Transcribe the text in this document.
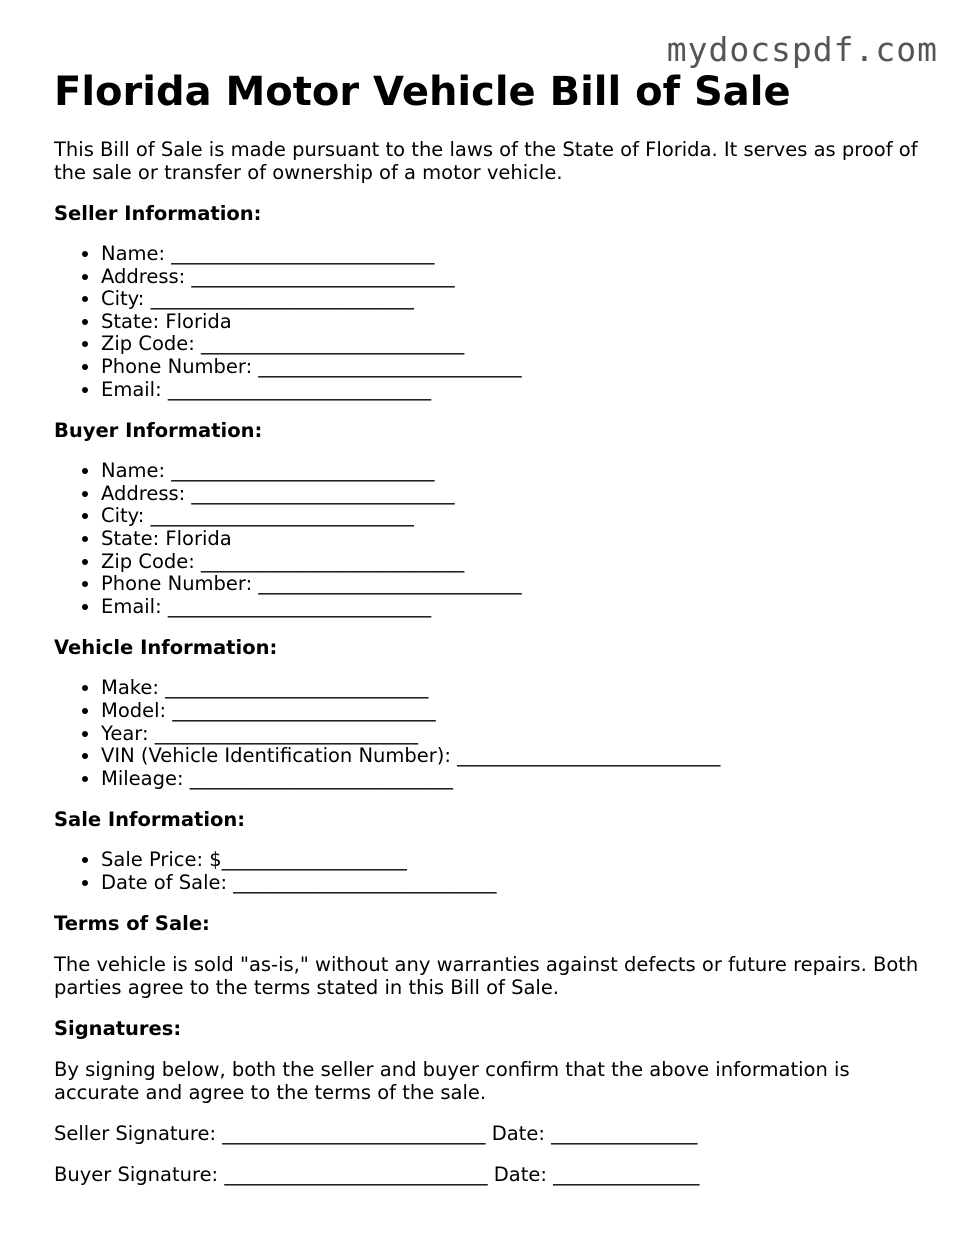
mydocspdf.com
Florida Motor Vehicle Bill of Sale

This Bill of Sale is made pursuant to the laws of the State of Florida. It serves as proof of the sale or transfer of ownership of a motor vehicle.

Seller Information:
• Name: ___________________________
• Address: ___________________________
• City: ___________________________
• State: Florida
• Zip Code: ___________________________
• Phone Number: ___________________________
• Email: ___________________________
Buyer Information:
• Name: ___________________________
• Address: ___________________________
• City: ___________________________
• State: Florida
• Zip Code: ___________________________
• Phone Number: ___________________________
• Email: ___________________________
Vehicle Information:
• Make: ___________________________
• Model: ___________________________
• Year: ___________________________
• VIN (Vehicle Identification Number): ___________________________
• Mileage: ___________________________
Sale Information:
• Sale Price: $___________________
• Date of Sale: ___________________________
Terms of Sale:

The vehicle is sold "as-is," without any warranties against defects or future repairs. Both parties agree to the terms stated in this Bill of Sale.

Signatures:

By signing below, both the seller and buyer confirm that the above information is accurate and agree to the terms of the sale.

Seller Signature: ___________________________ Date: _______________
Buyer Signature: ___________________________ Date: _______________
